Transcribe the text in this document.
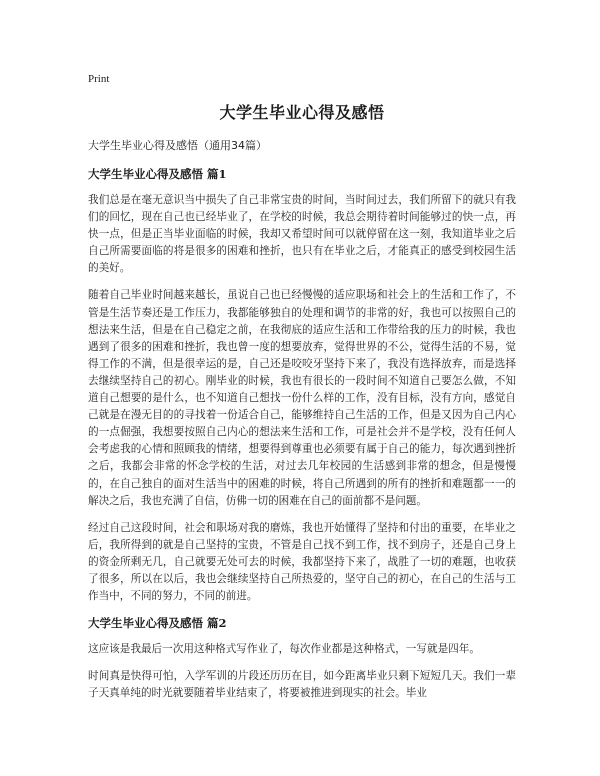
Print
大学生毕业心得及感悟
大学生毕业心得及感悟（通用34篇）
大学生毕业心得及感悟 篇1

我们总是在毫无意识当中损失了自己非常宝贵的时间，当时间过去，我们所留下的就只有我们的回忆，现在自己也已经毕业了，在学校的时候，我总会期待着时间能够过的快一点，再快一点，但是正当毕业面临的时候，我却又希望时间可以就停留在这一刻，我知道毕业之后自己所需要面临的将是很多的困难和挫折，也只有在毕业之后，才能真正的感受到校园生活的美好。

随着自己毕业时间越来越长，虽说自己也已经慢慢的适应职场和社会上的生活和工作了，不管是生活节奏还是工作压力，我都能够独自的处理和调节的非常的好，我也可以按照自己的想法来生活，但是在自己稳定之前，在我彻底的适应生活和工作带给我的压力的时候，我也遇到了很多的困难和挫折，我也曾一度的想要放弃，觉得世界的不公，觉得生活的不易，觉得工作的不满，但是很幸运的是，自己还是咬咬牙坚持下来了，我没有选择放弃，而是选择去继续坚持自己的初心。刚毕业的时候，我也有很长的一段时间不知道自己要怎么做，不知道自己想要的是什么，也不知道自己想找一份什么样的工作，没有目标，没有方向，感觉自己就是在漫无目的的寻找着一份适合自己，能够维持自己生活的工作，但是又因为自己内心的一点倔强，我想要按照自己内心的想法来生活和工作，可是社会并不是学校，没有任何人会考虑我的心情和照顾我的情绪，想要得到尊重也必须要有属于自己的能力，每次遇到挫折之后，我都会非常的怀念学校的生活，对过去几年校园的生活感到非常的想念，但是慢慢的，在自己独自的面对生活当中的困难的时候，将自己所遇到的所有的挫折和难题都一一的解决之后，我也充满了自信，仿佛一切的困难在自己的面前都不是问题。

经过自己这段时间，社会和职场对我的磨炼，我也开始懂得了坚持和付出的重要，在毕业之后，我所得到的就是自己坚持的宝贵，不管是自己找不到工作，找不到房子，还是自己身上的资金所剩无几，自己就要无处可去的时候，我都坚持下来了，战胜了一切的难题，也收获了很多，所以在以后，我也会继续坚持自己所热爱的，坚守自己的初心，在自己的生活与工作当中，不同的努力，不同的前进。

大学生毕业心得及感悟 篇2

这应该是我最后一次用这种格式写作业了，每次作业都是这种格式，一写就是四年。

时间真是快得可怕，入学军训的片段还历历在目，如今距离毕业只剩下短短几天。我们一辈子天真单纯的时光就要随着毕业结束了，将要被推进到现实的社会。毕业
